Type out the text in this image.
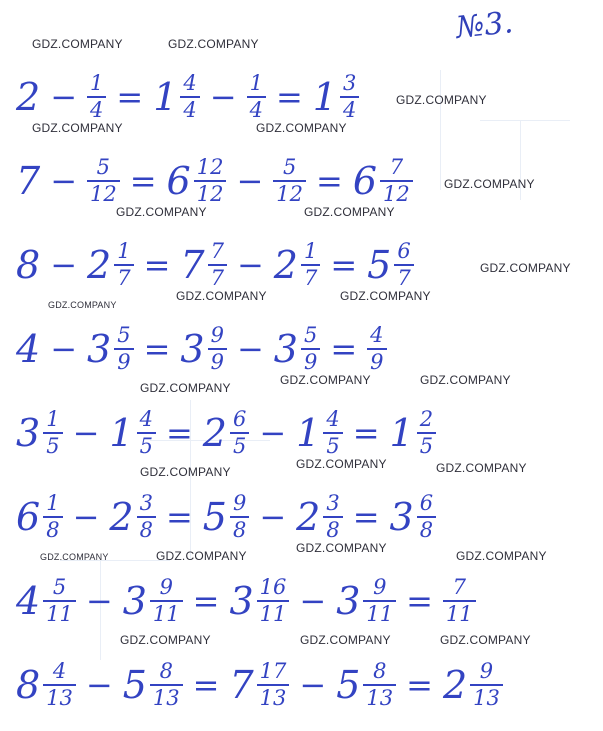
№3.
GDZ.COMPANY	GDZ.COMPANY
GDZ.COMPANY
GDZ.COMPANY	GDZ.COMPANY
GDZ.COMPANY
GDZ.COMPANY	GDZ.COMPANY
GDZ.COMPANY
GDZ.COMPANY	GDZ.COMPANY
GDZ.COMPANY
GDZ.COMPANY
GDZ.COMPANY	GDZ.COMPANY
GDZ.COMPANY
GDZ.COMPANY	GDZ.COMPANY
GDZ.COMPANY
GDZ.COMPANY
GDZ.COMPANY	GDZ.COMPANY
GDZ.COMPANY	GDZ.COMPANY	GDZ.COMPANY
$2 - \frac{1}{4} = 1 \frac{4}{4} - \frac{1}{4} = 1 \frac{3}{4}$
$7 - \frac{5}{12} = 6 \frac{12}{12} - \frac{5}{12} = 6 \frac{7}{12}$
$8 - 2 \frac{1}{7} = 7 \frac{7}{7} - 2 \frac{1}{7} = 5 \frac{6}{7}$
$4 - 3 \frac{5}{9} = 3 \frac{9}{9} - 3 \frac{5}{9} = \frac{4}{9}$
$3 \frac{1}{5} - 1 \frac{4}{5} = 2 \frac{6}{5} - 1 \frac{4}{5} = 1 \frac{2}{5}$
$6 \frac{1}{8} - 2 \frac{3}{8} = 5 \frac{9}{8} - 2 \frac{3}{8} = 3 \frac{6}{8}$
$4 \frac{5}{11} - 3 \frac{9}{11} = 3 \frac{16}{11} - 3 \frac{9}{11} = \frac{7}{11}$
$8 \frac{4}{13} - 5 \frac{8}{13} = 7 \frac{17}{13} - 5 \frac{8}{13} = 2 \frac{9}{13}$
